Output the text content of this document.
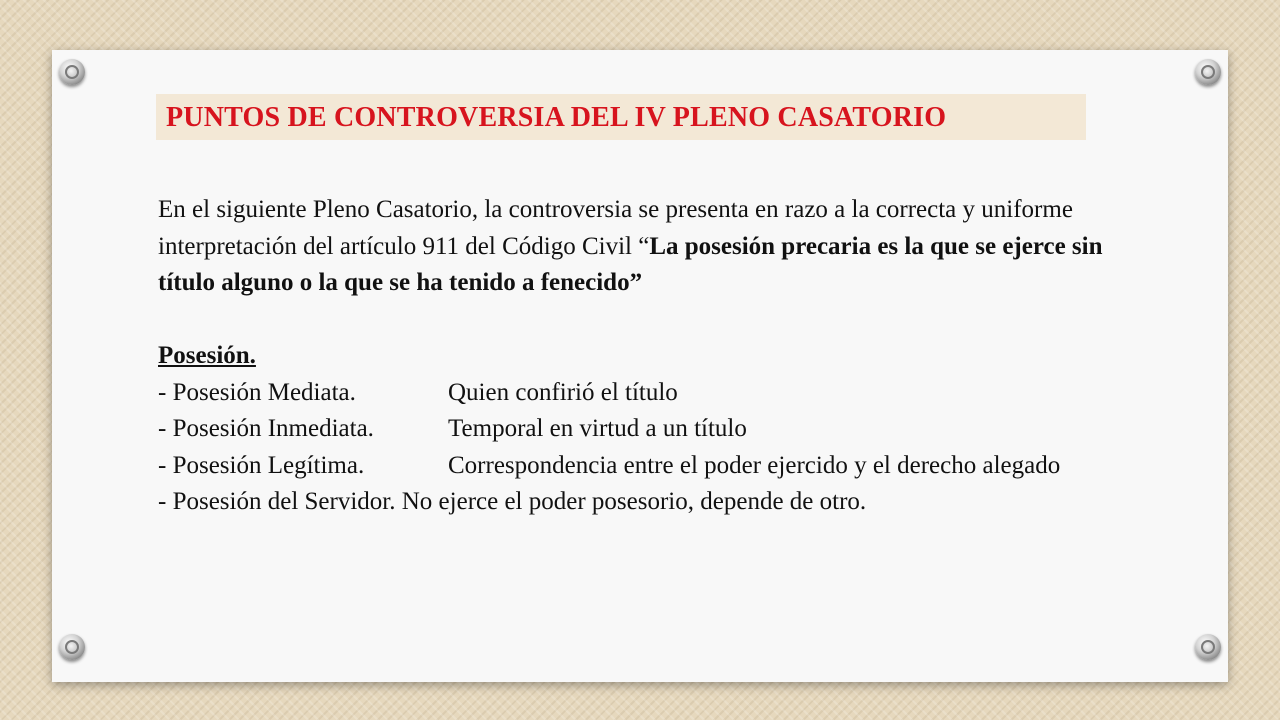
PUNTOS DE CONTROVERSIA DEL IV PLENO CASATORIO

En el siguiente Pleno Casatorio, la controversia se presenta en razo a la correcta y uniforme interpretación del artículo 911 del Código Civil “La posesión precaria es la que se ejerce sin título alguno o la que se ha tenido a fenecido”

Posesión.
- Posesión Mediata.	Quien confirió el título
- Posesión Inmediata.	Temporal en virtud a un título
- Posesión Legítima.	Correspondencia entre el poder ejercido y el derecho alegado
- Posesión del Servidor. No ejerce el poder posesorio, depende de otro.
